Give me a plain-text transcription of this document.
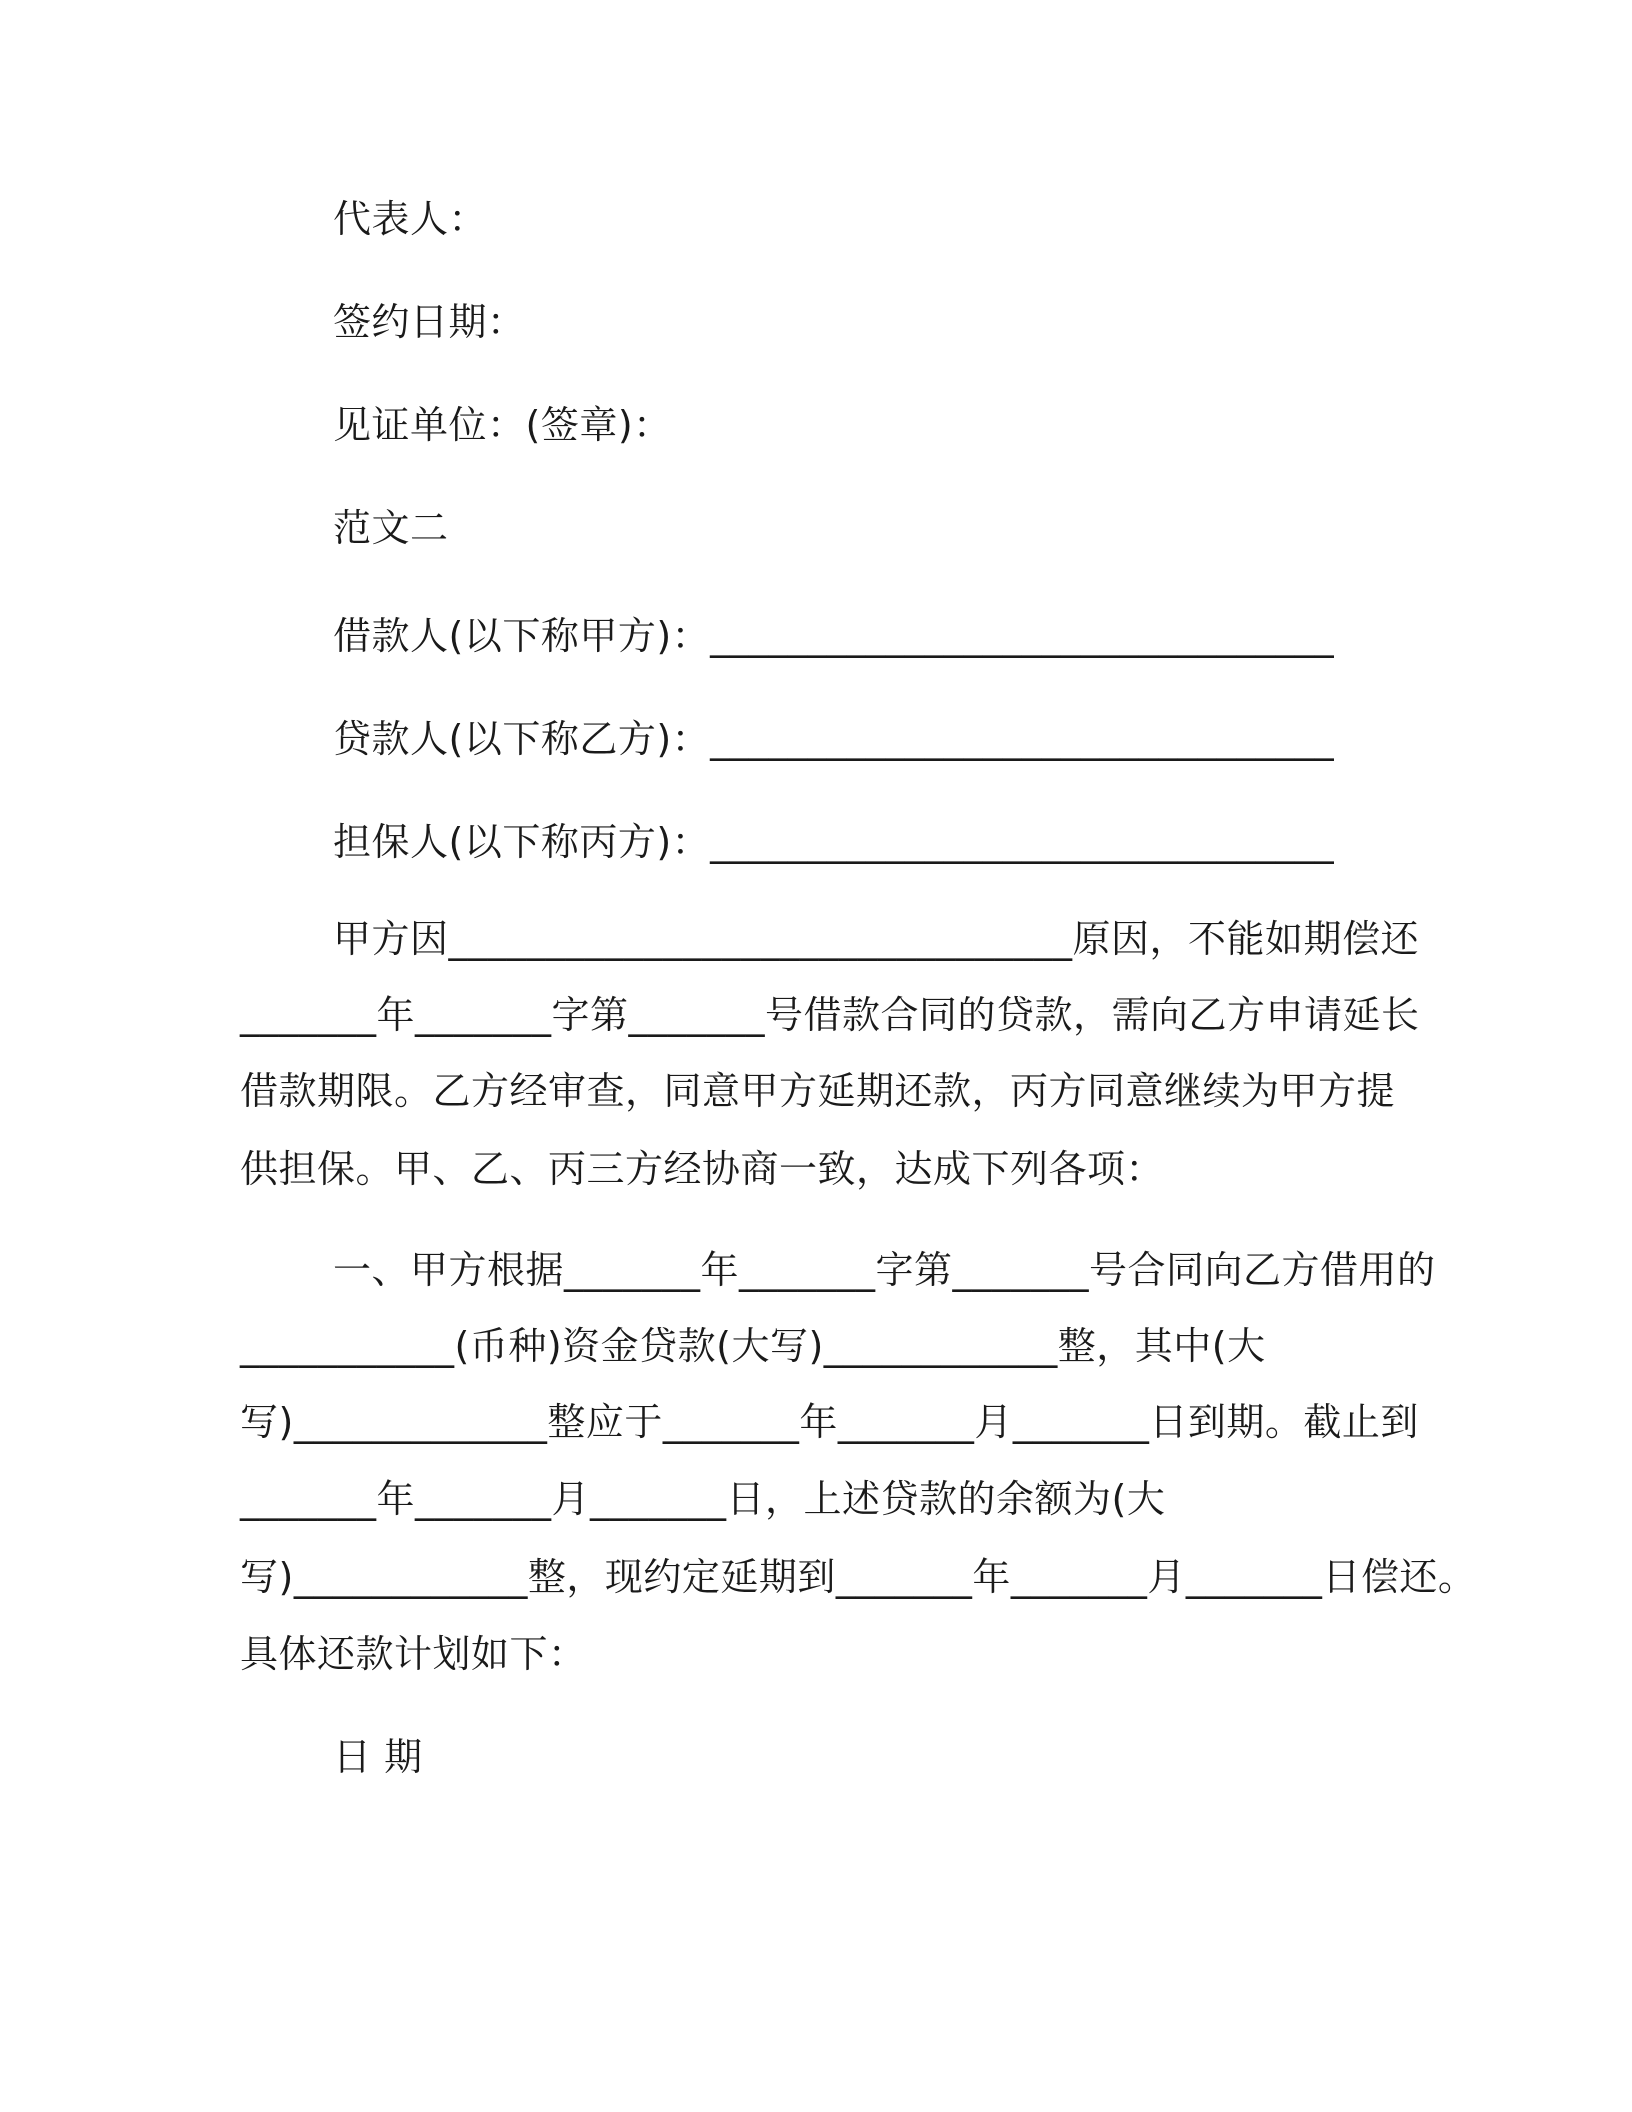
代表人：
签约日期：
见证单位：(签章)：
范文二
借款人(以下称甲方)：________________________________
贷款人(以下称乙方)：________________________________
担保人(以下称丙方)：________________________________
甲方因________________________________原因，不能如期偿还
_______年_______字第_______号借款合同的贷款，需向乙方申请延长
借款期限。乙方经审查，同意甲方延期还款，丙方同意继续为甲方提
供担保。甲、乙、丙三方经协商一致，达成下列各项：
一、甲方根据_______年_______字第_______号合同向乙方借用的
___________(币种)资金贷款(大写)____________整，其中(大
写)_____________整应于_______年_______月_______日到期。截止到
_______年_______月_______日，上述贷款的余额为(大
写)____________整，现约定延期到_______年_______月_______日偿还。
具体还款计划如下：
日 期
